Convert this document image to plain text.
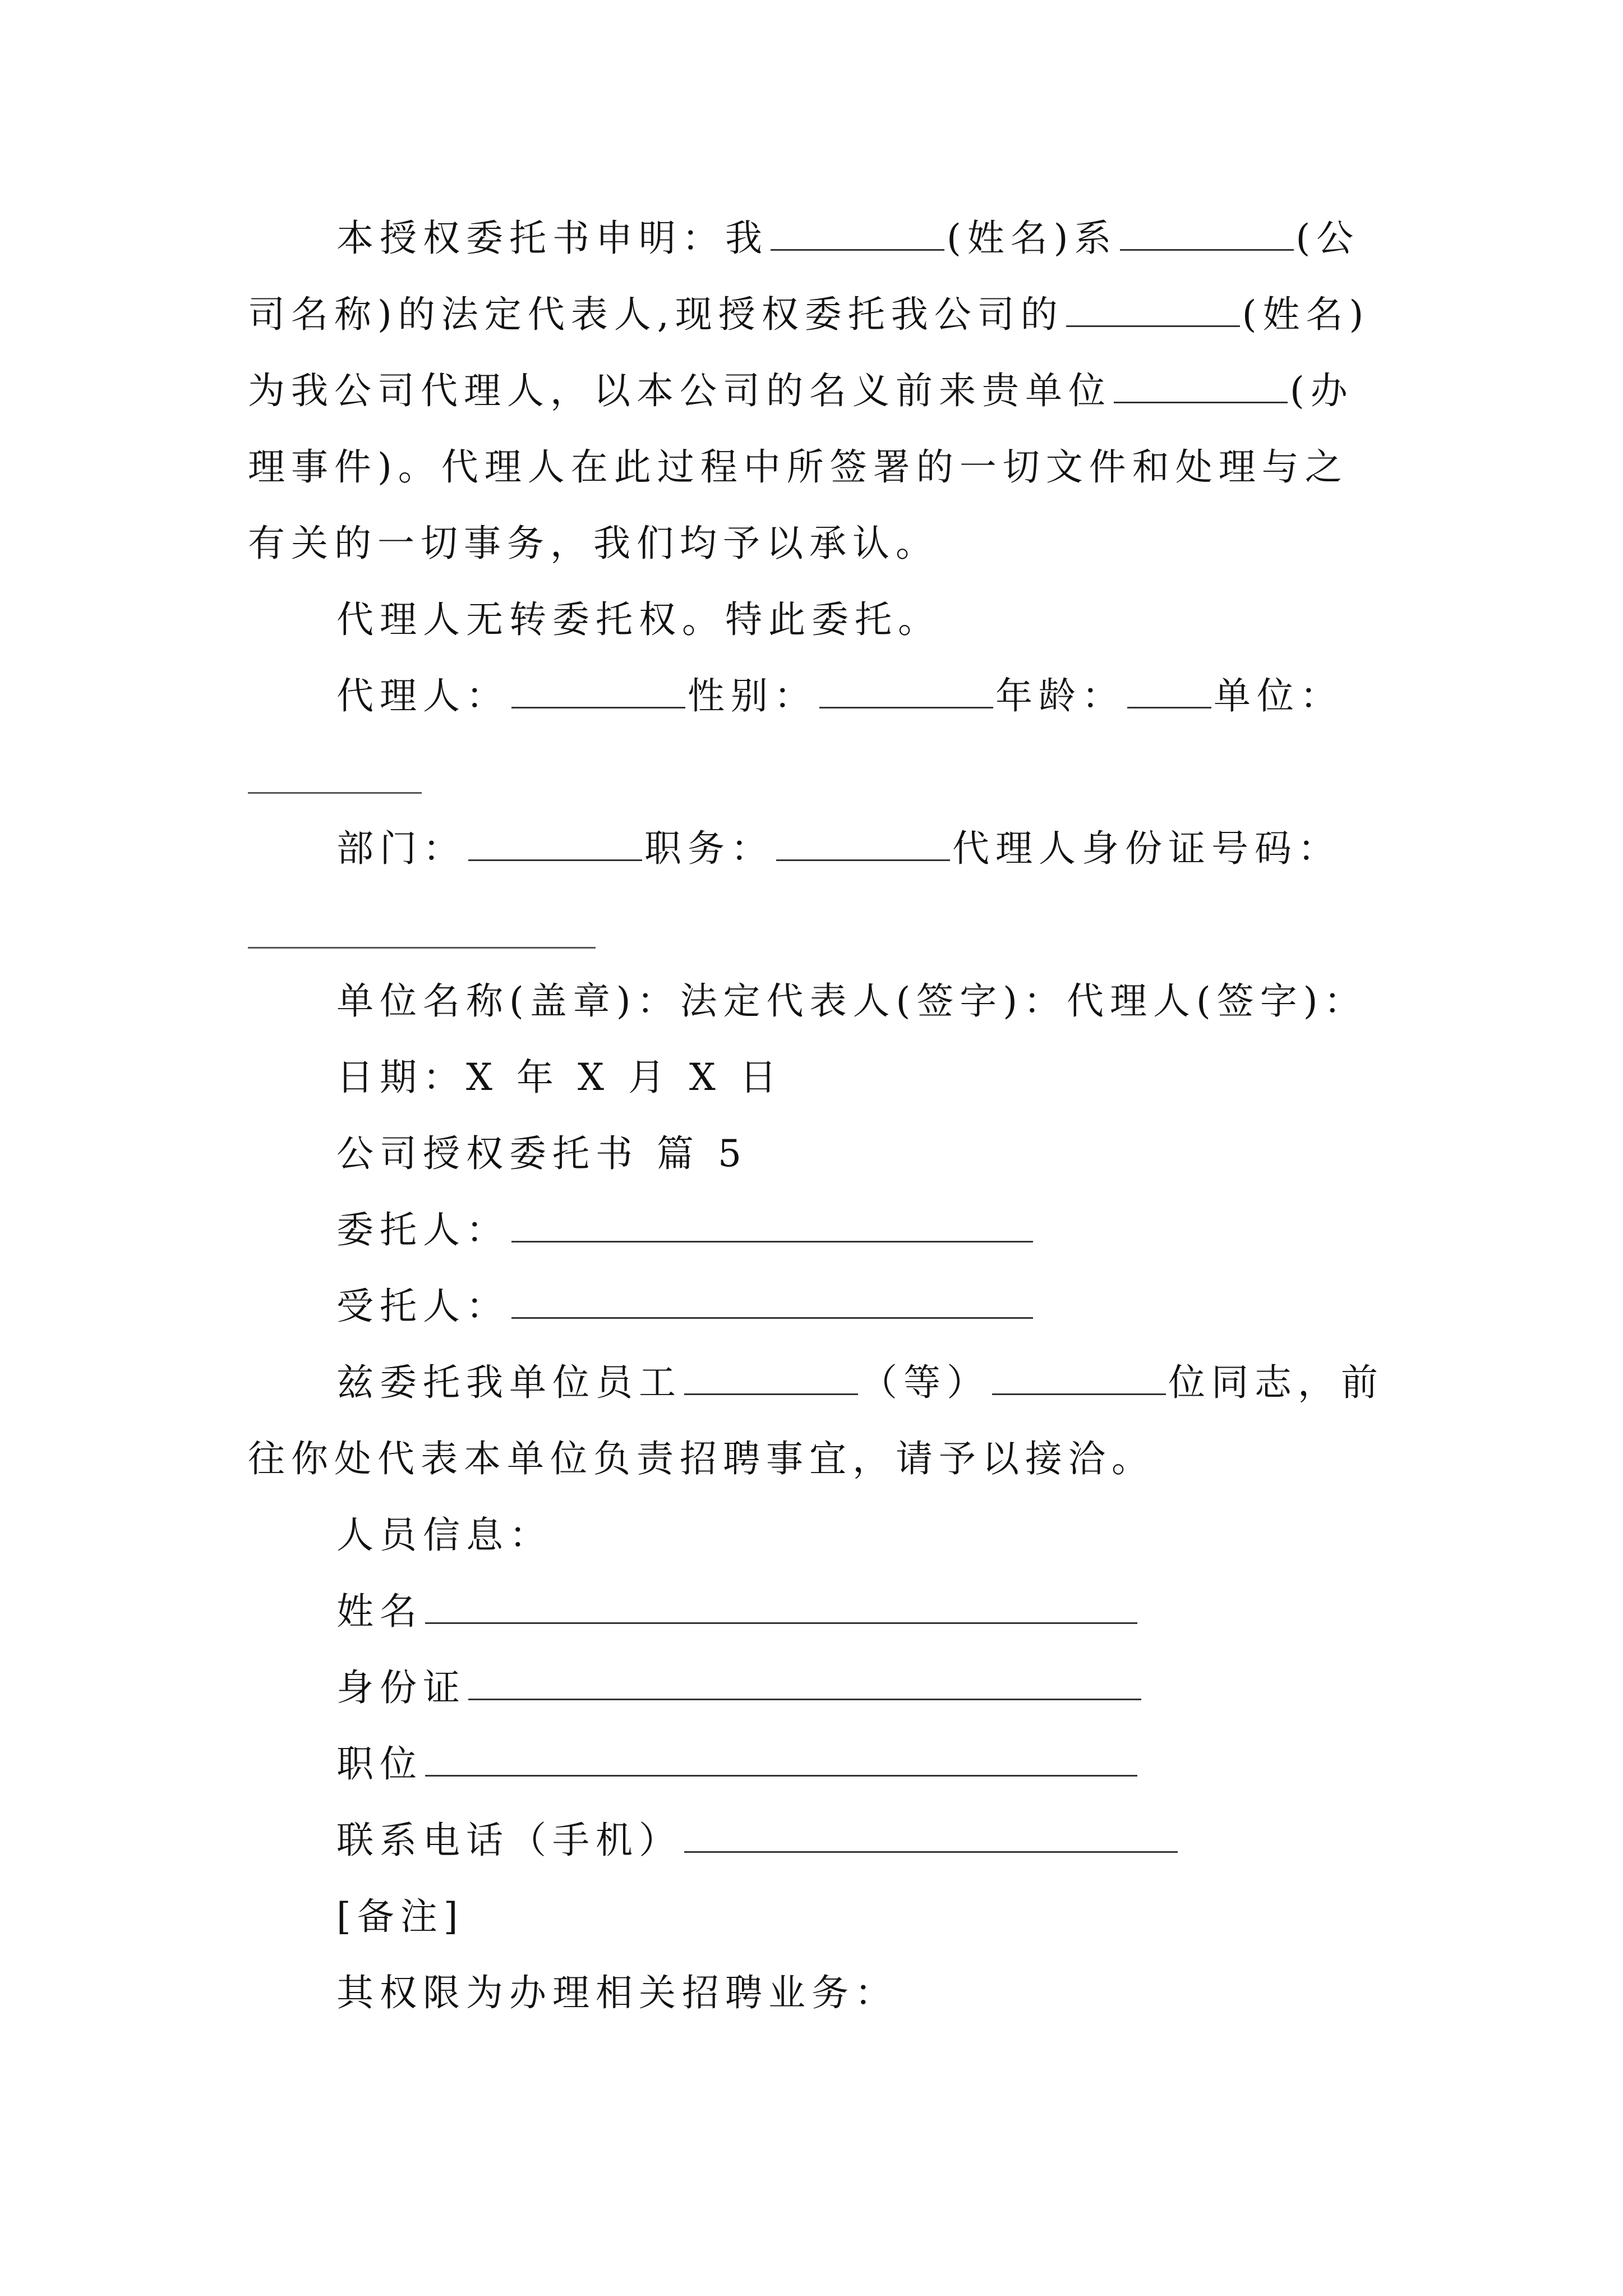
本授权委托书申明：我	(姓名)系	(公
司名称)的法定代表人,现授权委托我公司的	(姓名)
为我公司代理人，以本公司的名义前来贵单位	(办
理事件)。代理人在此过程中所签署的一切文件和处理与之
有关的一切事务，我们均予以承认。
代理人无转委托权。特此委托。
代理人：	性别：	年龄： 单位：
部门：	职务：	代理人身份证号码：
单位名称(盖章)：法定代表人(签字)：代理人(签字)：
日期：X 年 X 月 X 日
公司授权委托书 篇 5
委托人：
受托人：
兹委托我单位员工	（等）	位同志，前
往你处代表本单位负责招聘事宜，请予以接洽。
人员信息：
姓名
身份证
职位
联系电话（手机）
[备注]
其权限为办理相关招聘业务：
